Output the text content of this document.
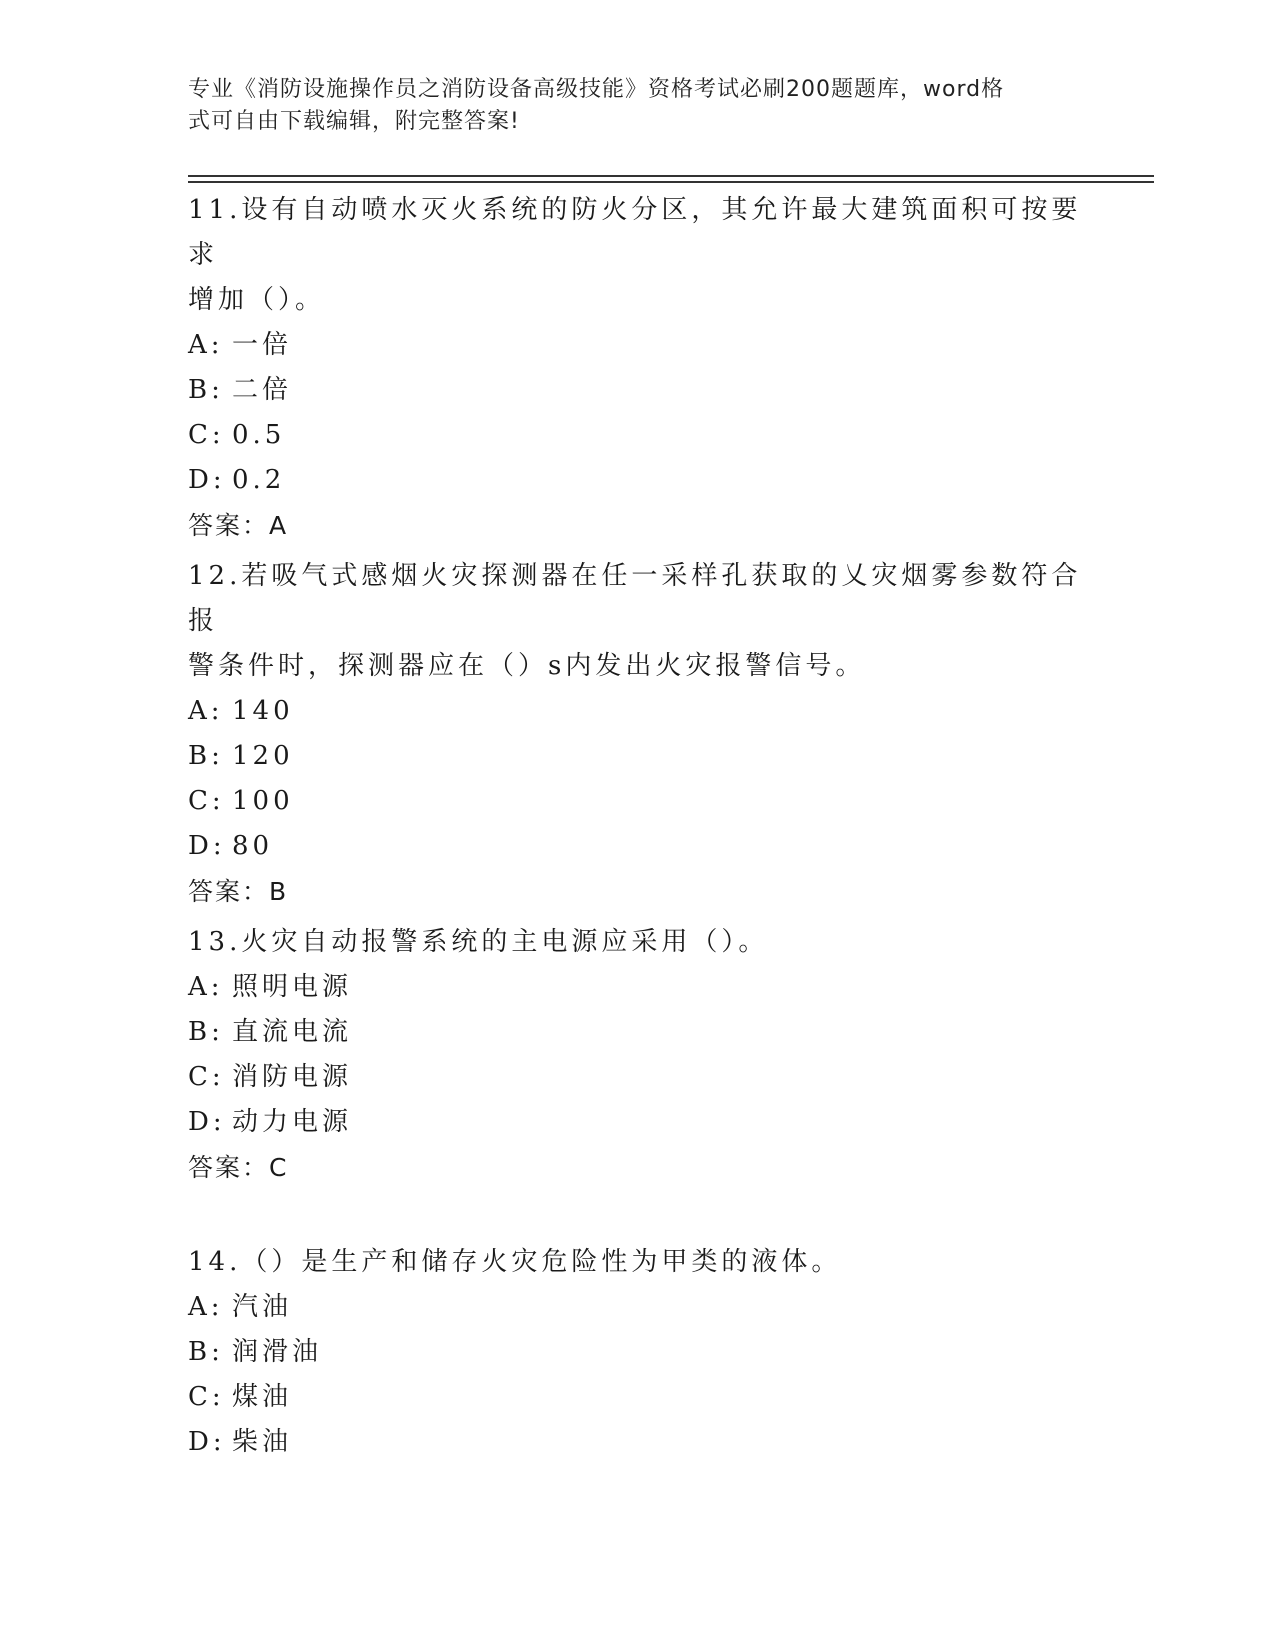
专业《消防设施操作员之消防设备高级技能》资格考试必刷200题题库，word格
式可自由下载编辑，附完整答案!
11.设有自动喷水灭火系统的防火分区，其允许最大建筑面积可按要求
增加（）。
A: 一倍
B: 二倍
C: 0.5
D: 0.2
答案：A
12.若吸气式感烟火灾探测器在任一采样孔获取的乂灾烟雾参数符合报
警条件时，探测器应在（）s内发出火灾报警信号。
A: 140
B: 120
C: 100
D: 80
答案：B
13.火灾自动报警系统的主电源应采用（）。
A: 照明电源
B: 直流电流
C: 消防电源
D: 动力电源
答案：C
14.（）是生产和储存火灾危险性为甲类的液体。
A: 汽油
B: 润滑油
C: 煤油
D: 柴油
